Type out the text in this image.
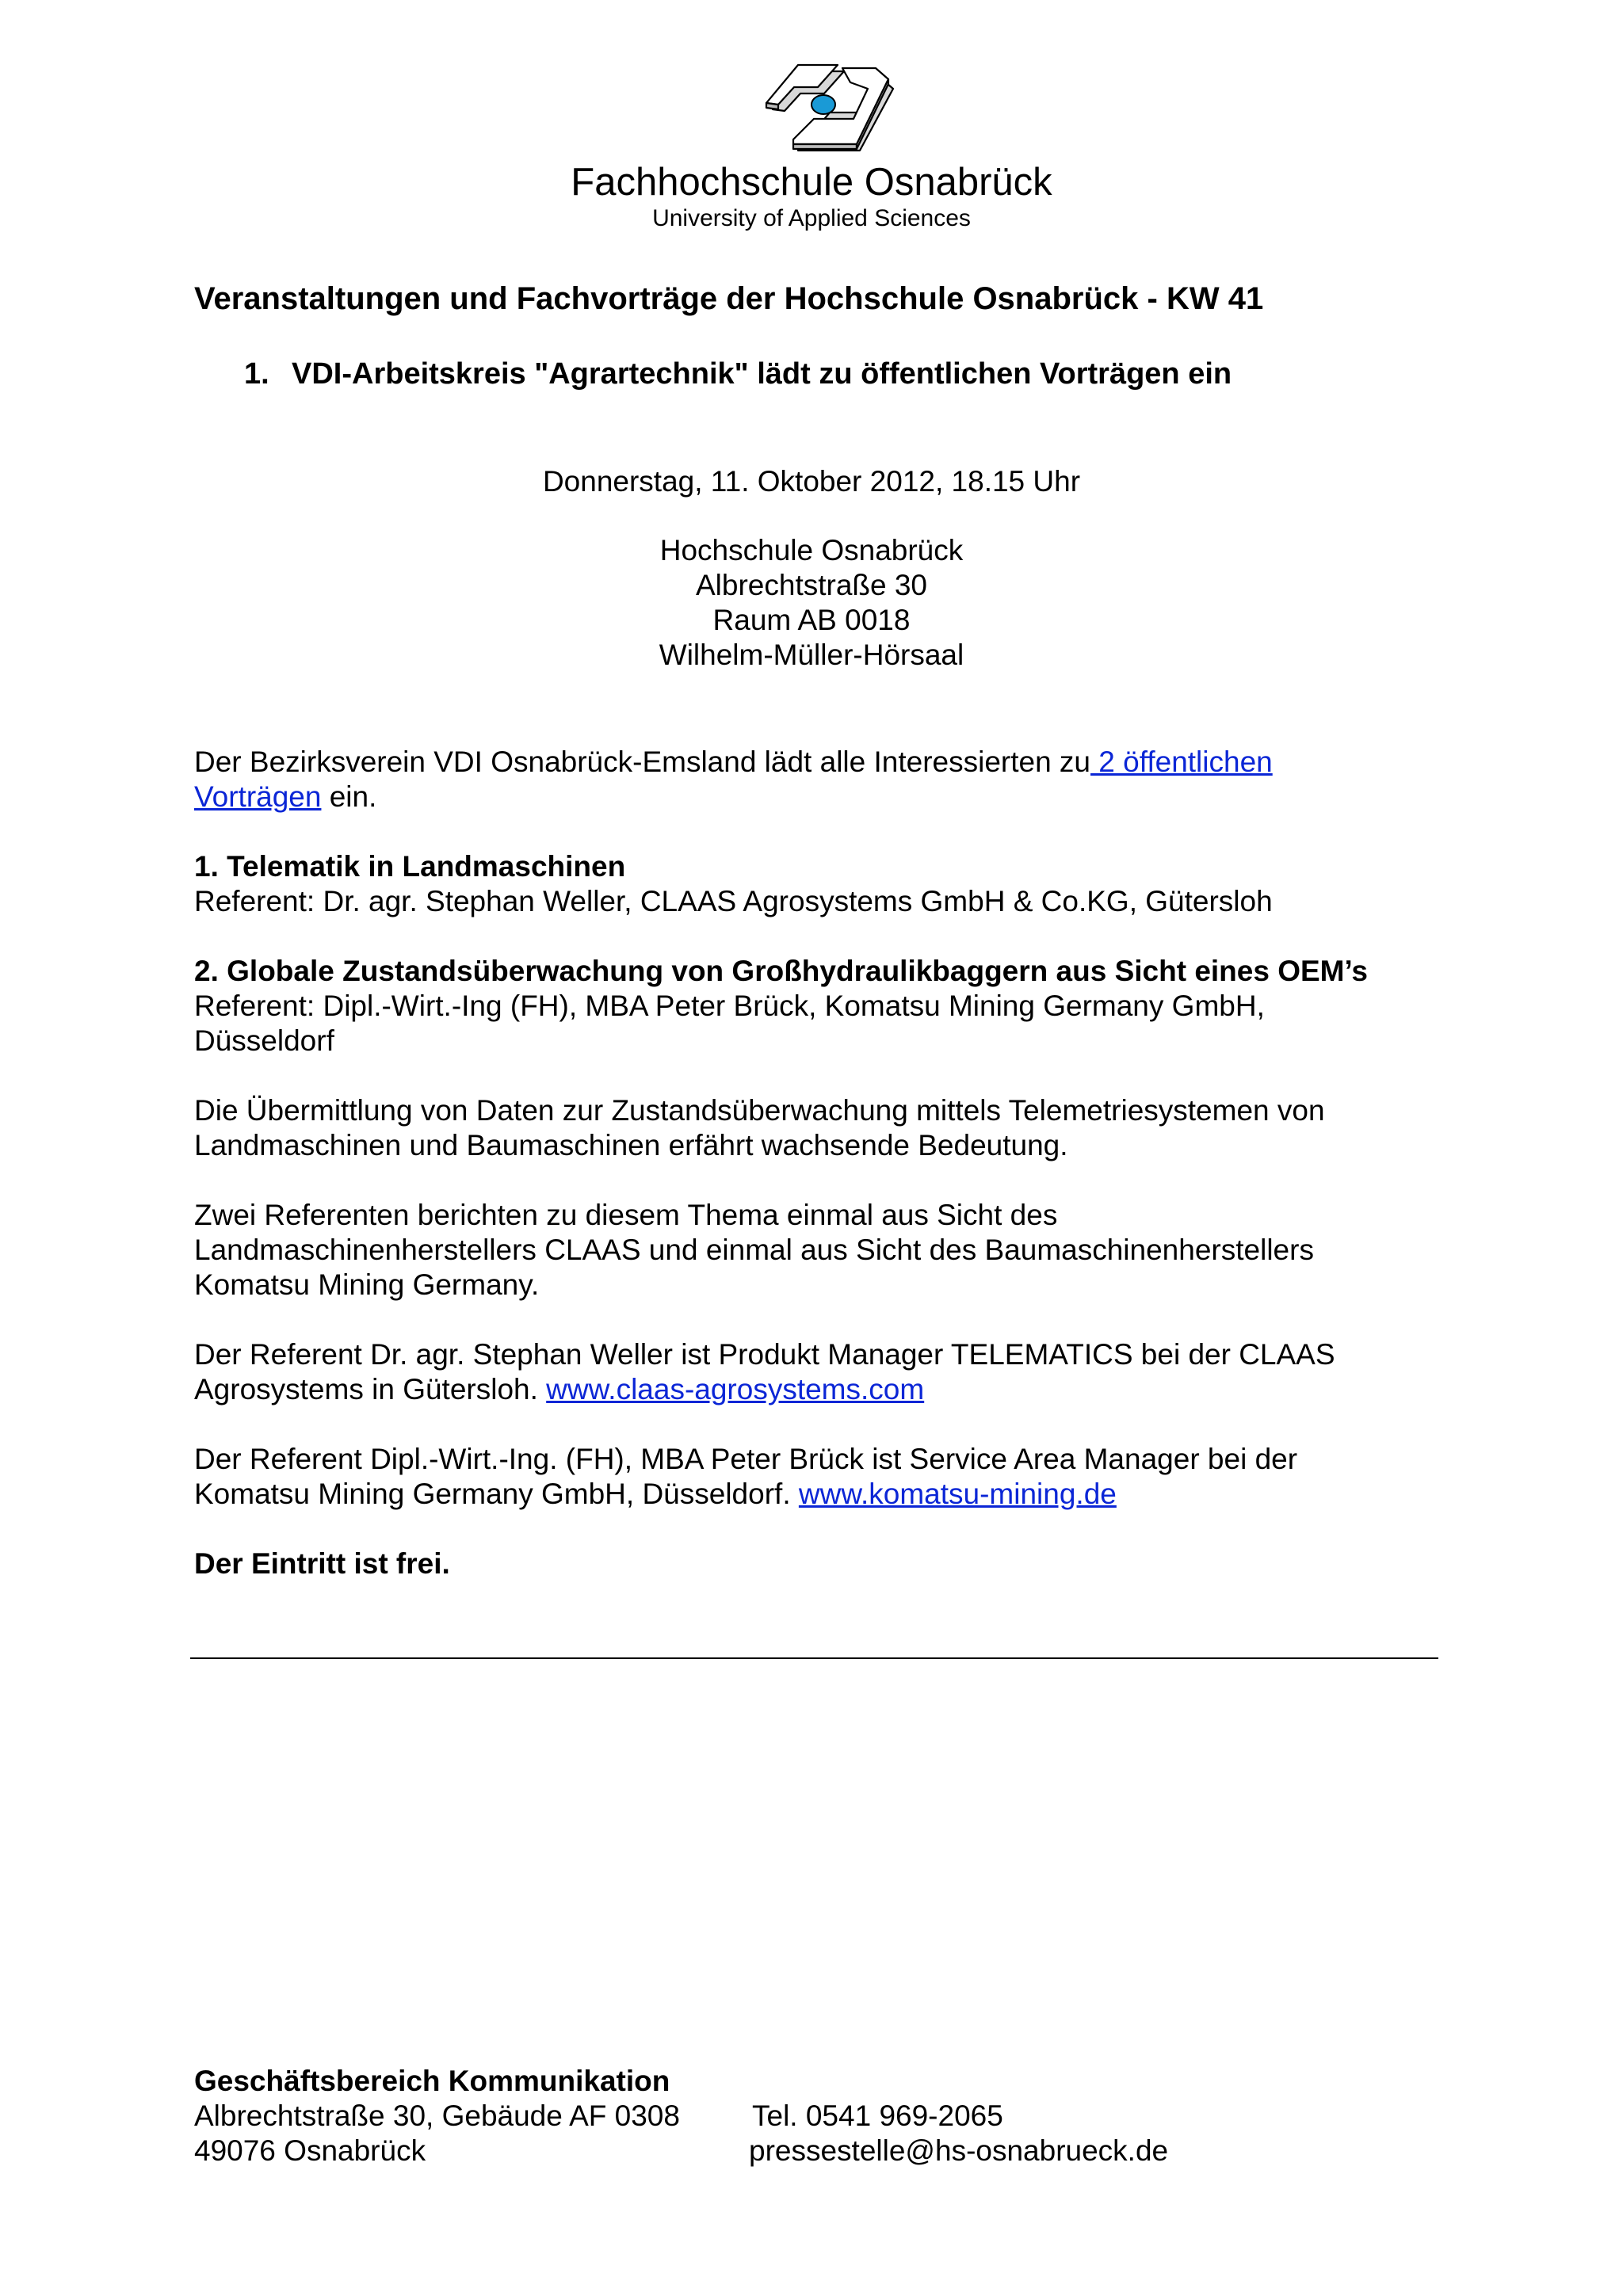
Fachhochschule Osnabrück
University of Applied Sciences
Veranstaltungen und Fachvorträge der Hochschule Osnabrück - KW 41
1. VDI-Arbeitskreis "Agrartechnik" lädt zu öffentlichen Vorträgen ein
Donnerstag, 11. Oktober 2012, 18.15 Uhr
Hochschule Osnabrück
Albrechtstraße 30
Raum AB 0018
Wilhelm-Müller-Hörsaal
Der Bezirksverein VDI Osnabrück-Emsland lädt alle Interessierten zu 2 öffentlichen
Vorträgen ein.
1. Telematik in Landmaschinen
Referent: Dr. agr. Stephan Weller, CLAAS Agrosystems GmbH & Co.KG, Gütersloh
2. Globale Zustandsüberwachung von Großhydraulikbaggern aus Sicht eines OEM’s
Referent: Dipl.-Wirt.-Ing (FH), MBA Peter Brück, Komatsu Mining Germany GmbH,
Düsseldorf
Die Übermittlung von Daten zur Zustandsüberwachung mittels Telemetriesystemen von
Landmaschinen und Baumaschinen erfährt wachsende Bedeutung.
Zwei Referenten berichten zu diesem Thema einmal aus Sicht des
Landmaschinenherstellers CLAAS und einmal aus Sicht des Baumaschinenherstellers
Komatsu Mining Germany.
Der Referent Dr. agr. Stephan Weller ist Produkt Manager TELEMATICS bei der CLAAS
Agrosystems in Gütersloh. www.claas-agrosystems.com
Der Referent Dipl.-Wirt.-Ing. (FH), MBA Peter Brück ist Service Area Manager bei der
Komatsu Mining Germany GmbH, Düsseldorf. www.komatsu-mining.de
Der Eintritt ist frei.
Geschäftsbereich Kommunikation
Albrechtstraße 30, Gebäude AF 0308
49076 Osnabrück
Tel. 0541 969-2065
pressestelle@hs-osnabrueck.de
